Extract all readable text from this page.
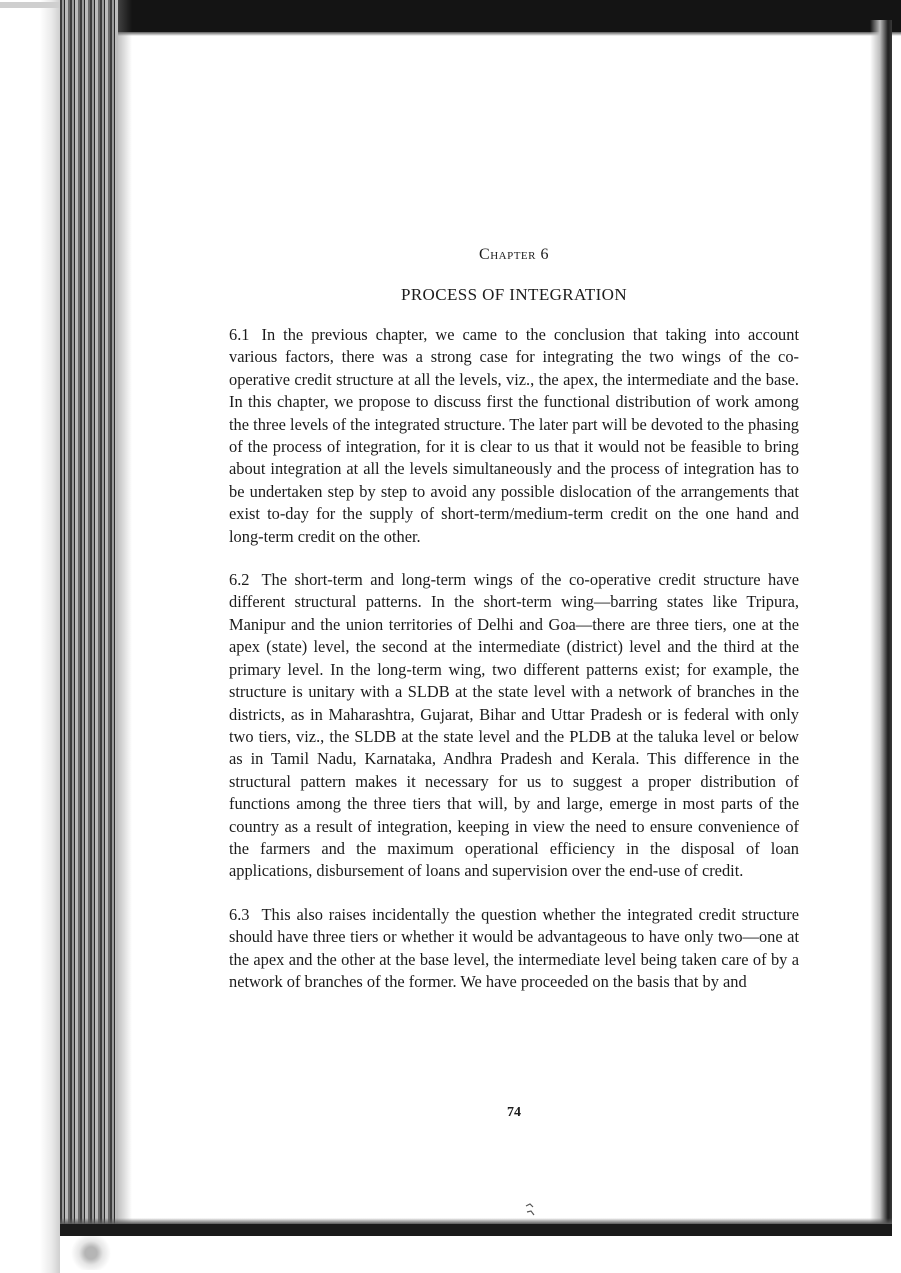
Chapter 6

PROCESS OF INTEGRATION

6.1 In the previous chapter, we came to the conclusion that taking into account various factors, there was a strong case for integrating the two wings of the co-operative credit structure at all the levels, viz., the apex, the intermediate and the base. In this chapter, we propose to discuss first the functional distribution of work among the three levels of the integrated structure. The later part will be devoted to the phasing of the process of integration, for it is clear to us that it would not be feasible to bring about integration at all the levels simultaneously and the process of integration has to be undertaken step by step to avoid any possible dislocation of the arrangements that exist to-day for the supply of short-term/medium-term credit on the one hand and long-term credit on the other.

6.2 The short-term and long-term wings of the co-operative credit structure have different structural patterns. In the short-term wing—barring states like Tripura, Manipur and the union territories of Delhi and Goa—there are three tiers, one at the apex (state) level, the second at the intermediate (district) level and the third at the primary level. In the long-term wing, two different patterns exist; for example, the structure is unitary with a SLDB at the state level with a network of branches in the districts, as in Maharashtra, Gujarat, Bihar and Uttar Pradesh or is federal with only two tiers, viz., the SLDB at the state level and the PLDB at the taluka level or below as in Tamil Nadu, Karnataka, Andhra Pradesh and Kerala. This difference in the structural pattern makes it necessary for us to suggest a proper distribution of functions among the three tiers that will, by and large, emerge in most parts of the country as a result of integration, keeping in view the need to ensure convenience of the farmers and the maximum operational efficiency in the disposal of loan applications, disbursement of loans and supervision over the end-use of credit.

6.3 This also raises incidentally the question whether the integrated credit structure should have three tiers or whether it would be advantageous to have only two—one at the apex and the other at the base level, the intermediate level being taken care of by a network of branches of the former. We have proceeded on the basis that by and

74
